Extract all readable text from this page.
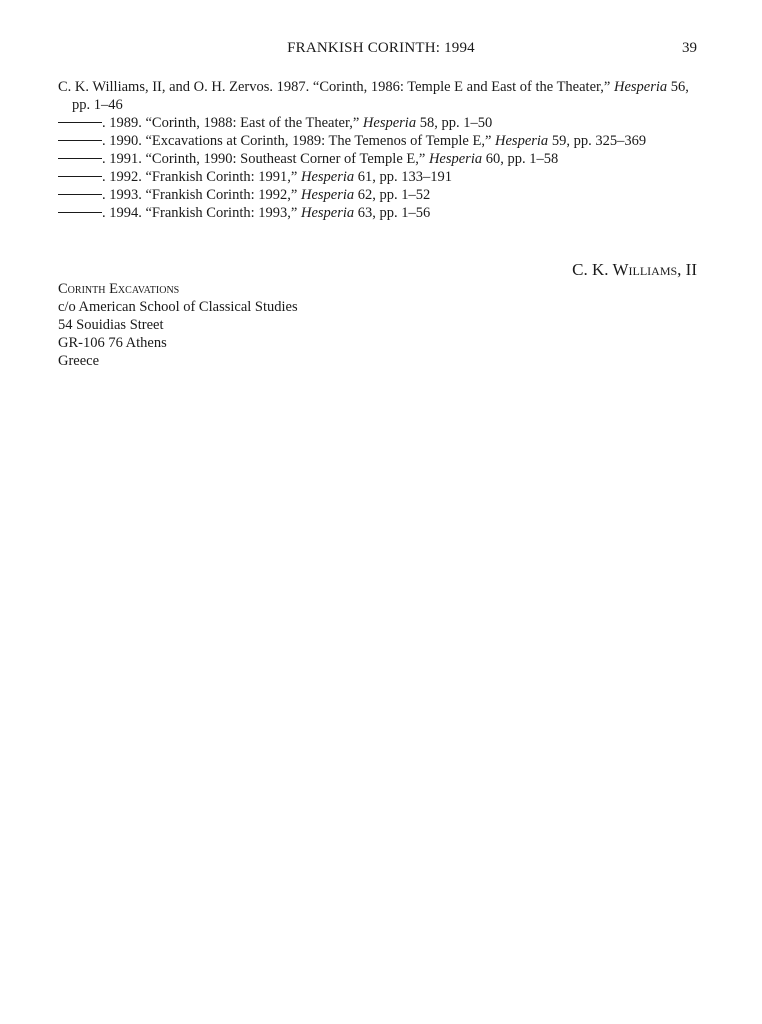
FRANKISH CORINTH: 1994	39

C. K. Williams, II, and O. H. Zervos. 1987. “Corinth, 1986: Temple E and East of the Theater,” Hesperia 56, pp. 1–46

. 1989. “Corinth, 1988: East of the Theater,” Hesperia 58, pp. 1–50

. 1990. “Excavations at Corinth, 1989: The Temenos of Temple E,” Hesperia 59, pp. 325–369

. 1991. “Corinth, 1990: Southeast Corner of Temple E,” Hesperia 60, pp. 1–58

. 1992. “Frankish Corinth: 1991,” Hesperia 61, pp. 133–191

. 1993. “Frankish Corinth: 1992,” Hesperia 62, pp. 1–52

. 1994. “Frankish Corinth: 1993,” Hesperia 63, pp. 1–56

C. K. Williams, II
Corinth Excavations
c/o American School of Classical Studies
54 Souidias Street
GR-106 76 Athens
Greece
